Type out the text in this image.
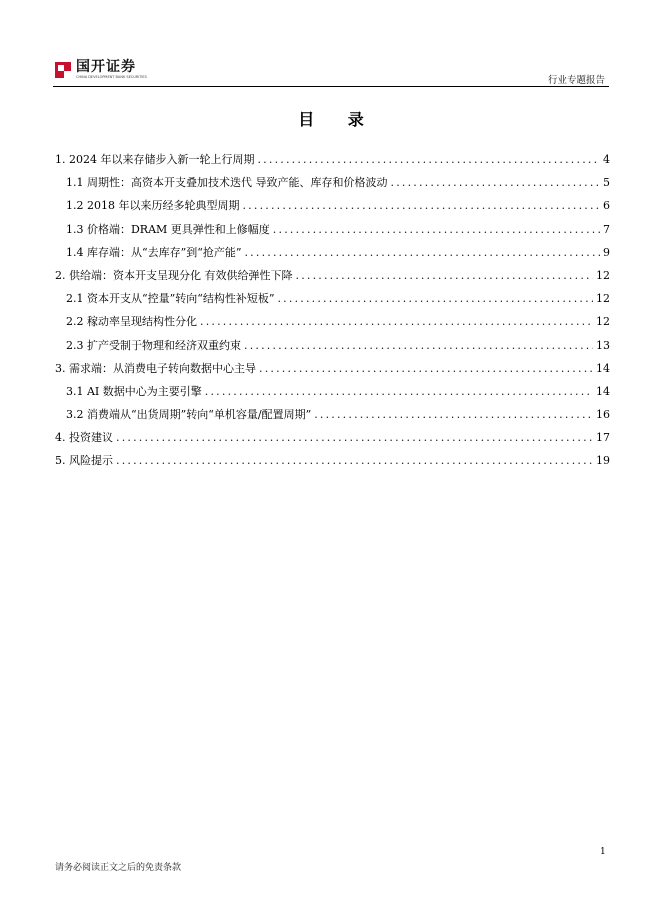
国开证券
CHINA DEVELOPMENT BANK SECURITIES	行业专题报告
目 录
1. 2024 年以来存储步入新一轮上行周期 .....	4
1.1 周期性：高资本开支叠加技术迭代 导致产能、库存和价格波动 .....	5
1.2 2018 年以来历经多轮典型周期 .....	6
1.3 价格端：DRAM 更具弹性和上修幅度 .....	7
1.4 库存端：从“去库存”到“抢产能” .....	9
2. 供给端：资本开支呈现分化 有效供给弹性下降 .....	12
2.1 资本开支从“控量”转向“结构性补短板” .....	12
2.2 稼动率呈现结构性分化 .....	12
2.3 扩产受制于物理和经济双重约束 .....	13
3. 需求端：从消费电子转向数据中心主导 .....	14
3.1 AI 数据中心为主要引擎 .....	14
3.2 消费端从“出货周期”转向“单机容量/配置周期” .....	16
4. 投资建议 .....	17
5. 风险提示 .....	19
1
请务必阅读正文之后的免责条款
